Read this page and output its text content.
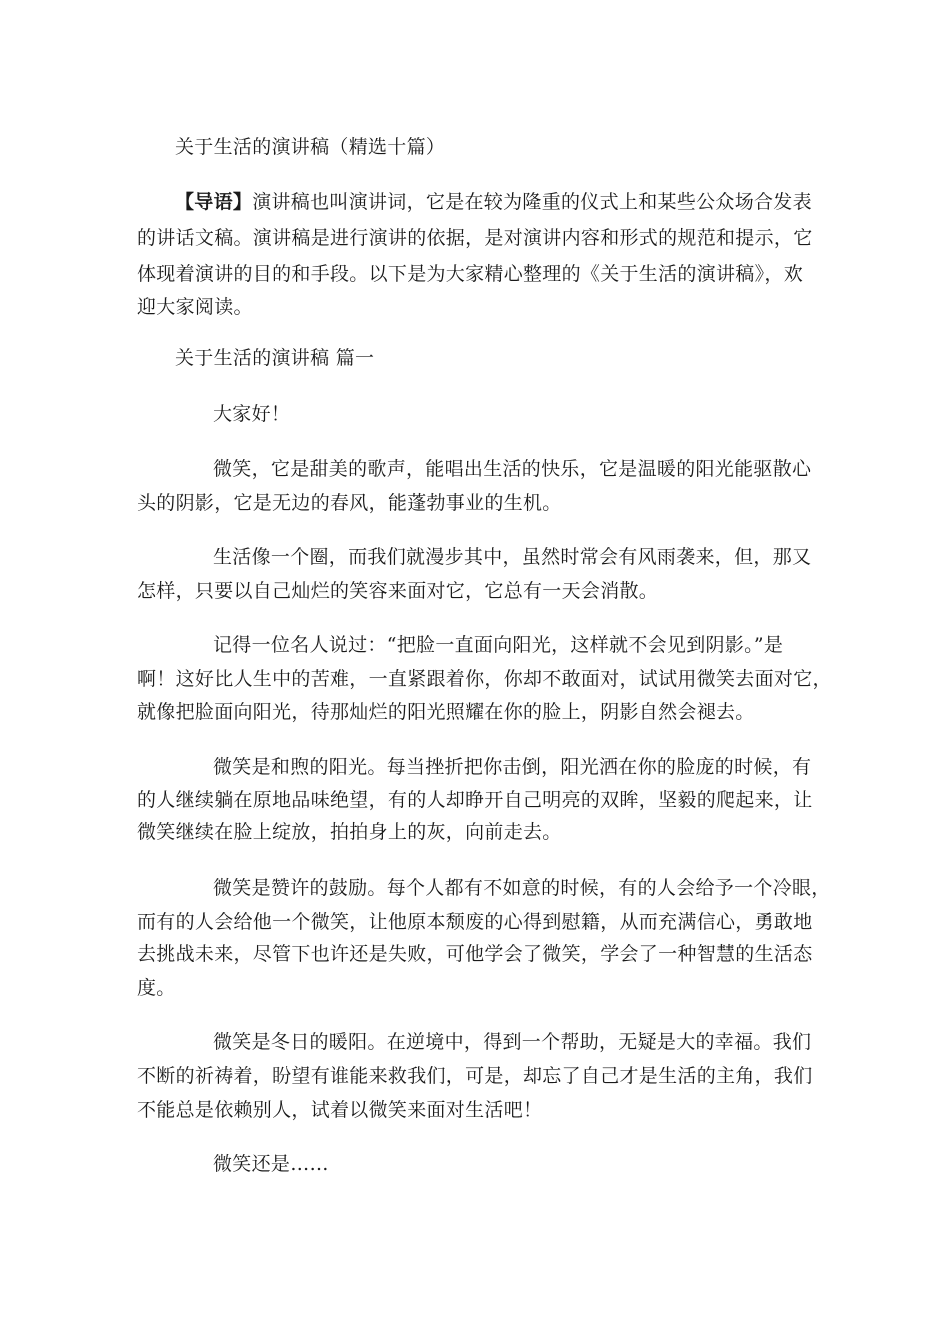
关于生活的演讲稿（精选十篇）
【导语】演讲稿也叫演讲词，它是在较为隆重的仪式上和某些公众场合发表
的讲话文稿。演讲稿是进行演讲的依据，是对演讲内容和形式的规范和提示，它
体现着演讲的目的和手段。以下是为大家精心整理的《关于生活的演讲稿》，欢
迎大家阅读。
关于生活的演讲稿 篇一
大家好！
微笑，它是甜美的歌声，能唱出生活的快乐，它是温暖的阳光能驱散心
头的阴影，它是无边的春风，能蓬勃事业的生机。
生活像一个圈，而我们就漫步其中，虽然时常会有风雨袭来，但，那又
怎样，只要以自己灿烂的笑容来面对它，它总有一天会消散。
记得一位名人说过：“把脸一直面向阳光，这样就不会见到阴影。”是
啊！这好比人生中的苦难，一直紧跟着你，你却不敢面对，试试用微笑去面对它，
就像把脸面向阳光，待那灿烂的阳光照耀在你的脸上，阴影自然会褪去。
微笑是和煦的阳光。每当挫折把你击倒，阳光洒在你的脸庞的时候，有
的人继续躺在原地品味绝望，有的人却睁开自己明亮的双眸，坚毅的爬起来，让
微笑继续在脸上绽放，拍拍身上的灰，向前走去。
微笑是赞许的鼓励。每个人都有不如意的时候，有的人会给予一个冷眼，
而有的人会给他一个微笑，让他原本颓废的心得到慰籍，从而充满信心，勇敢地
去挑战未来，尽管下也许还是失败，可他学会了微笑，学会了一种智慧的生活态
度。
微笑是冬日的暖阳。在逆境中，得到一个帮助，无疑是大的幸福。我们
不断的祈祷着，盼望有谁能来救我们，可是，却忘了自己才是生活的主角，我们
不能总是依赖别人，试着以微笑来面对生活吧！
微笑还是……
